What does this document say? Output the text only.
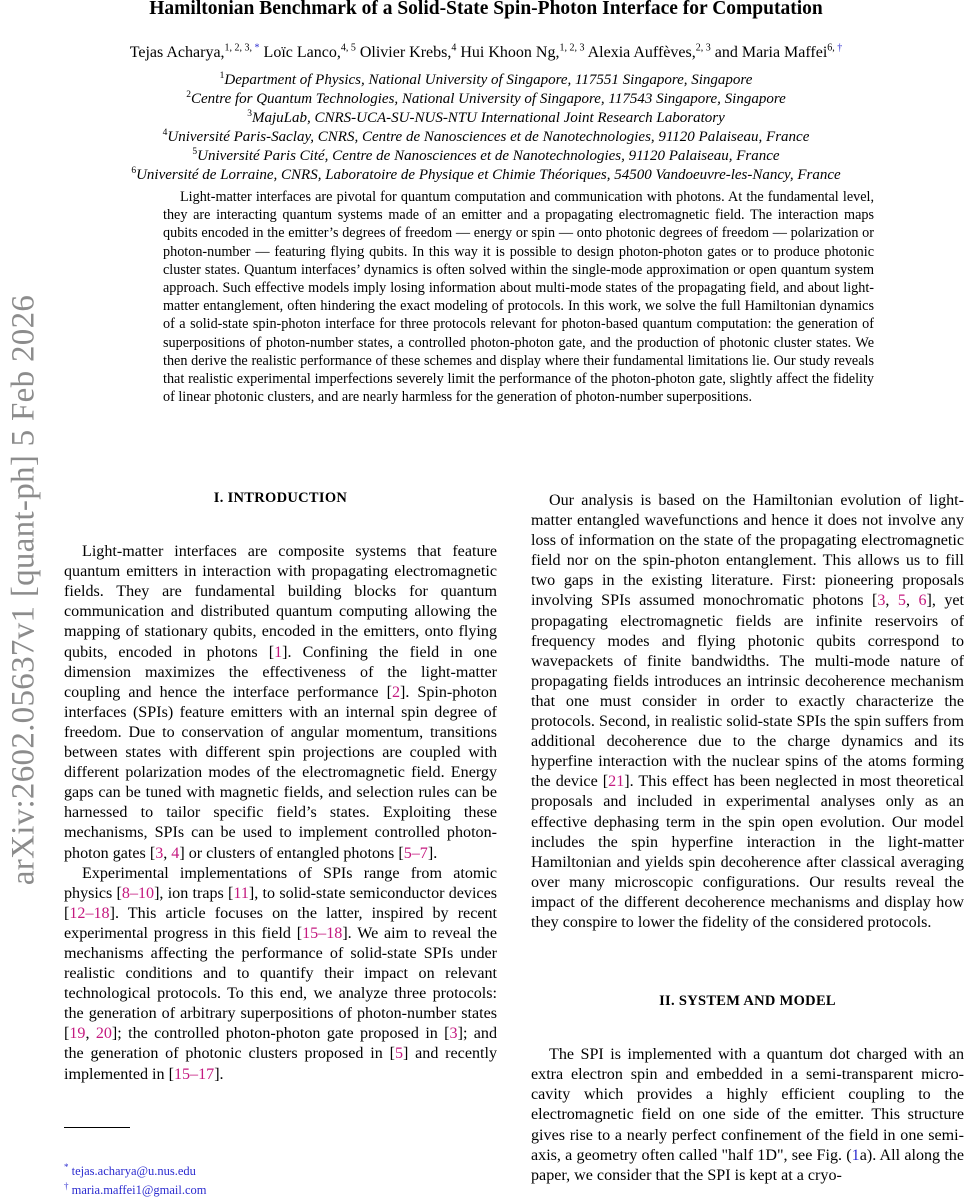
arXiv:2602.05637v1 [quant-ph] 5 Feb 2026
Hamiltonian Benchmark of a Solid-State Spin-Photon Interface for Computation
Tejas Acharya,$^{1, 2, 3,}$ * Loïc Lanco,$^{4, 5}$ Olivier Krebs,$^4$ Hui Khoon Ng,$^{1, 2, 3}$ Alexia Auffèves,$^{2, 3}$ and Maria Maffei$^{6,}$ †
$^1$Department of Physics, National University of Singapore, 117551 Singapore, Singapore
$^2$Centre for Quantum Technologies, National University of Singapore, 117543 Singapore, Singapore
$^3$MajuLab, CNRS-UCA-SU-NUS-NTU International Joint Research Laboratory
$^4$Université Paris-Saclay, CNRS, Centre de Nanosciences et de Nanotechnologies, 91120 Palaiseau, France
$^5$Université Paris Cité, Centre de Nanosciences et de Nanotechnologies, 91120 Palaiseau, France
$^6$Université de Lorraine, CNRS, Laboratoire de Physique et Chimie Théoriques, 54500 Vandoeuvre-les-Nancy, France
Light-matter interfaces are pivotal for quantum computation and communication with photons. At the fundamental level, they are interacting quantum systems made of an emitter and a propagating electromagnetic field. The interaction maps qubits encoded in the emitter’s degrees of freedom — energy or spin — onto photonic degrees of freedom — polarization or photon-number — featuring flying qubits. In this way it is possible to design photon-photon gates or to produce photonic cluster states. Quantum interfaces’ dynamics is often solved within the single-mode approximation or open quantum system approach. Such effective models imply losing information about multi-mode states of the propagating field, and about light-matter entanglement, often hindering the exact modeling of protocols. In this work, we solve the full Hamiltonian dynamics of a solid-state spin-photon interface for three protocols relevant for photon-based quantum computation: the generation of superpositions of photon-number states, a controlled photon-photon gate, and the production of photonic cluster states. We then derive the realistic performance of these schemes and display where their fundamental limitations lie. Our study reveals that realistic experimental imperfections severely limit the performance of the photon-photon gate, slightly affect the fidelity of linear photonic clusters, and are nearly harmless for the generation of photon-number superpositions.
I. INTRODUCTION

Light-matter interfaces are composite systems that feature quantum emitters in interaction with propagating electromagnetic fields. They are fundamental building blocks for quantum communication and distributed quantum computing allowing the mapping of stationary qubits, encoded in the emitters, onto flying qubits, encoded in photons [1]. Confining the field in one dimension maximizes the effectiveness of the light-matter coupling and hence the interface performance [2]. Spin-photon interfaces (SPIs) feature emitters with an internal spin degree of freedom. Due to conservation of angular momentum, transitions between states with different spin projections are coupled with different polarization modes of the electromagnetic field. Energy gaps can be tuned with magnetic fields, and selection rules can be harnessed to tailor specific field’s states. Exploiting these mechanisms, SPIs can be used to implement controlled photon-photon gates [3, 4] or clusters of entangled photons [5–7].

Experimental implementations of SPIs range from atomic physics [8–10], ion traps [11], to solid-state semiconductor devices [12–18]. This article focuses on the latter, inspired by recent experimental progress in this field [15–18]. We aim to reveal the mechanisms affecting the performance of solid-state SPIs under realistic conditions and to quantify their impact on relevant technological protocols. To this end, we analyze three protocols: the generation of arbitrary superpositions of photon-number states [19, 20]; the controlled photon-photon gate proposed in [3]; and the generation of photonic clusters proposed in [5] and recently implemented in [15–17].

Our analysis is based on the Hamiltonian evolution of light-matter entangled wavefunctions and hence it does not involve any loss of information on the state of the propagating electromagnetic field nor on the spin-photon entanglement. This allows us to fill two gaps in the existing literature. First: pioneering proposals involving SPIs assumed monochromatic photons [3, 5, 6], yet propagating electromagnetic fields are infinite reservoirs of frequency modes and flying photonic qubits correspond to wavepackets of finite bandwidths. The multi-mode nature of propagating fields introduces an intrinsic decoherence mechanism that one must consider in order to exactly characterize the protocols. Second, in realistic solid-state SPIs the spin suffers from additional decoherence due to the charge dynamics and its hyperfine interaction with the nuclear spins of the atoms forming the device [21]. This effect has been neglected in most theoretical proposals and included in experimental analyses only as an effective dephasing term in the spin open evolution. Our model includes the spin hyperfine interaction in the light-matter Hamiltonian and yields spin decoherence after classical averaging over many microscopic configurations. Our results reveal the impact of the different decoherence mechanisms and display how they conspire to lower the fidelity of the considered protocols.

II. SYSTEM AND MODEL

The SPI is implemented with a quantum dot charged with an extra electron spin and embedded in a semi-transparent micro-cavity which provides a highly efficient coupling to the electromagnetic field on one side of the emitter. This structure gives rise to a nearly perfect confinement of the field in one semi-axis, a geometry often called "half 1D", see Fig. (1a). All along the paper, we consider that the SPI is kept at a cryo-

* tejas.acharya@u.nus.edu
† maria.maffei1@gmail.com
